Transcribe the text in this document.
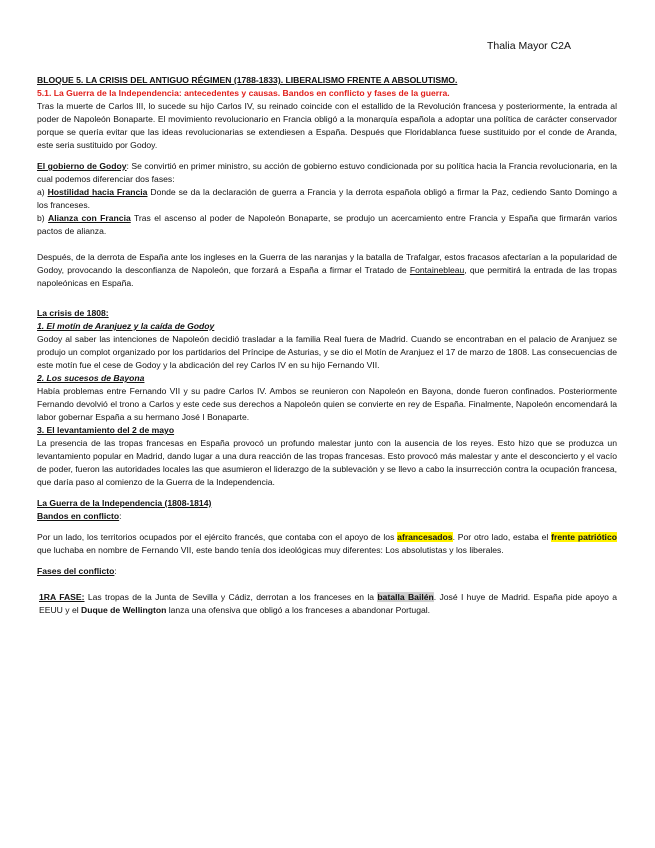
Thalia Mayor C2A

BLOQUE 5. LA CRISIS DEL ANTIGUO RÉGIMEN (1788-1833). LIBERALISMO FRENTE A ABSOLUTISMO.

5.1. La Guerra de la Independencia: antecedentes y causas. Bandos en conflicto y fases de la guerra.

Tras la muerte de Carlos III, lo sucede su hijo Carlos IV, su reinado coincide con el estallido de la Revolución francesa y posteriormente, la entrada al poder de Napoleón Bonaparte. El movimiento revolucionario en Francia obligó a la monarquía española a adoptar una política de carácter conservador porque se quería evitar que las ideas revolucionarias se extendiesen a España. Después que Floridablanca fuese sustituido por el conde de Aranda, este seria sustituido por Godoy.

El gobierno de Godoy: Se convirtió en primer ministro, su acción de gobierno estuvo condicionada por su política hacia la Francia revolucionaria, en la cual podemos diferenciar dos fases:

a) Hostilidad hacia Francia Donde se da la declaración de guerra a Francia y la derrota española obligó a firmar la Paz, cediendo Santo Domingo a los franceses.

b) Alianza con Francia Tras el ascenso al poder de Napoleón Bonaparte, se produjo un acercamiento entre Francia y España que firmarán varios pactos de alianza.

Después, de la derrota de España ante los ingleses en la Guerra de las naranjas y la batalla de Trafalgar, estos fracasos afectarían a la popularidad de Godoy, provocando la desconfianza de Napoleón, que forzará a España a firmar el Tratado de Fontainebleau, que permitirá la entrada de las tropas napoleónicas en España.

La crisis de 1808:

1. El motín de Aranjuez y la caída de Godoy

Godoy al saber las intenciones de Napoleón decidió trasladar a la familia Real fuera de Madrid. Cuando se encontraban en el palacio de Aranjuez se produjo un complot organizado por los partidarios del Príncipe de Asturias, y se dio el Motín de Aranjuez el 17 de marzo de 1808. Las consecuencias de este motín fue el cese de Godoy y la abdicación del rey Carlos IV en su hijo Fernando VII.

2. Los sucesos de Bayona

Había problemas entre Fernando VII y su padre Carlos IV. Ambos se reunieron con Napoleón en Bayona, donde fueron confinados. Posteriormente Fernando devolvió el trono a Carlos y este cede sus derechos a Napoleón quien se convierte en rey de España. Finalmente, Napoleón encomendará la labor gobernar España a su hermano José I Bonaparte.

3. El levantamiento del 2 de mayo

La presencia de las tropas francesas en España provocó un profundo malestar junto con la ausencia de los reyes. Esto hizo que se produzca un levantamiento popular en Madrid, dando lugar a una dura reacción de las tropas francesas. Esto provocó más malestar y ante el desconcierto y el vacío de poder, fueron las autoridades locales las que asumieron el liderazgo de la sublevación y se llevo a cabo la insurrección contra la ocupación francesa, que daría paso al comienzo de la Guerra de la Independencia.

La Guerra de la Independencia (1808-1814)

Bandos en conflicto:

Por un lado, los territorios ocupados por el ejército francés, que contaba con el apoyo de los afrancesados. Por otro lado, estaba el frente patriótico que luchaba en nombre de Fernando VII, este bando tenía dos ideológicas muy diferentes: Los absolutistas y los liberales.

Fases del conflicto:

1RA FASE: Las tropas de la Junta de Sevilla y Cádiz, derrotan a los franceses en la batalla Bailén. José I huye de Madrid. España pide apoyo a EEUU y el Duque de Wellington lanza una ofensiva que obligó a los franceses a abandonar Portugal.
